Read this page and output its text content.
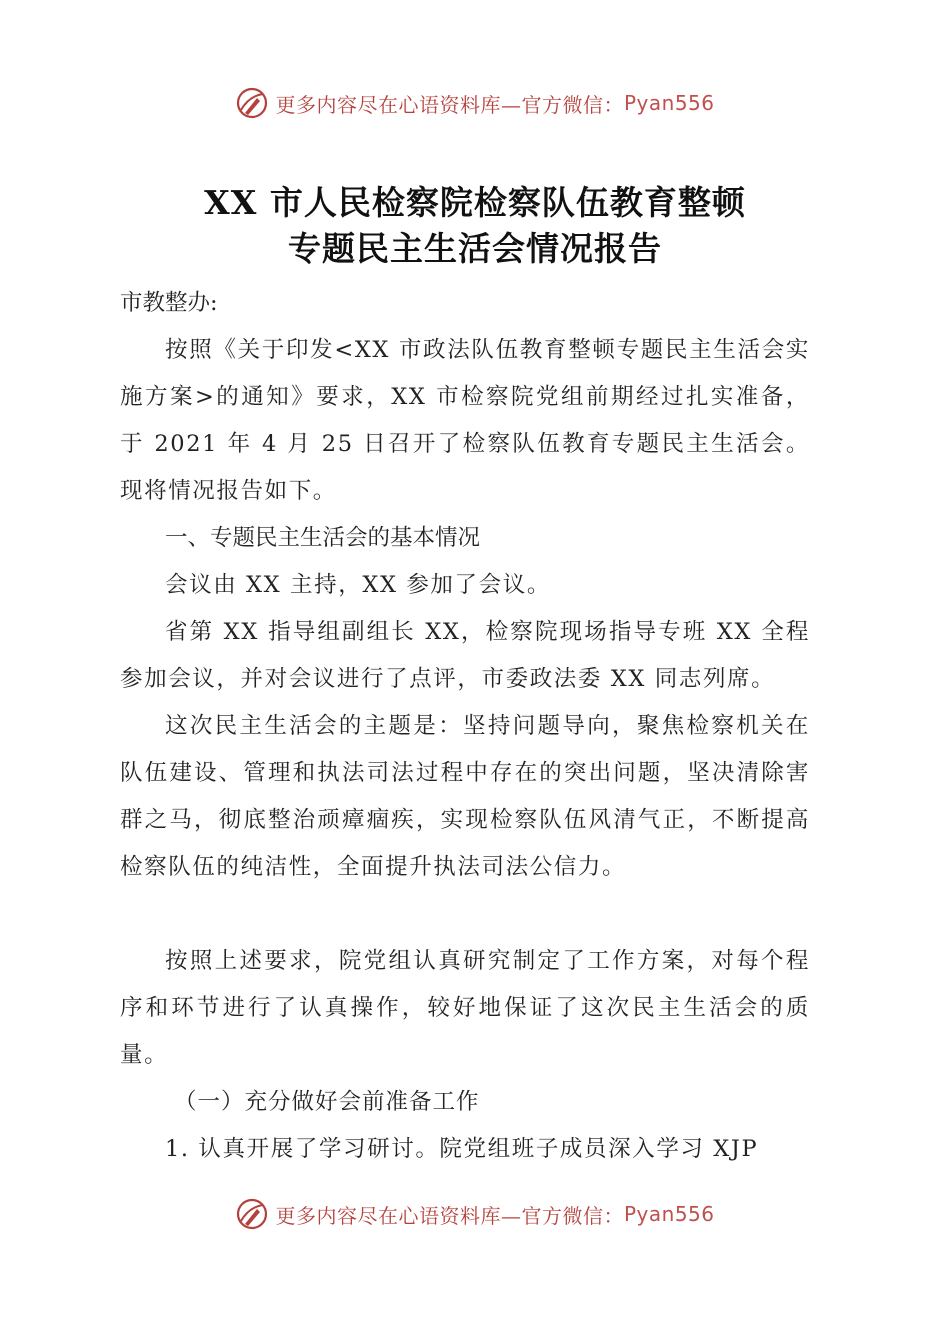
更多内容尽在心语资料库—官方微信： Pyan556
XX 市人民检察院检察队伍教育整顿
专题民主生活会情况报告

市教整办:

按照《关于印发<XX 市政法队伍教育整顿专题民主生活会实施方案>的通知》要求，XX 市检察院党组前期经过扎实准备，于 2021 年 4 月 25 日召开了检察队伍教育专题民主生活会。现将情况报告如下。

一、专题民主生活会的基本情况

会议由 XX 主持，XX 参加了会议。

省第 XX 指导组副组长 XX，检察院现场指导专班 XX 全程参加会议，并对会议进行了点评，市委政法委 XX 同志列席。

这次民主生活会的主题是：坚持问题导向，聚焦检察机关在队伍建设、管理和执法司法过程中存在的突出问题，坚决清除害群之马，彻底整治顽瘴痼疾，实现检察队伍风清气正，不断提高检察队伍的纯洁性，全面提升执法司法公信力。

按照上述要求，院党组认真研究制定了工作方案，对每个程序和环节进行了认真操作，较好地保证了这次民主生活会的质量。

（一）充分做好会前准备工作

1. 认真开展了学习研讨。院党组班子成员深入学习 XJP

更多内容尽在心语资料库—官方微信： Pyan556
